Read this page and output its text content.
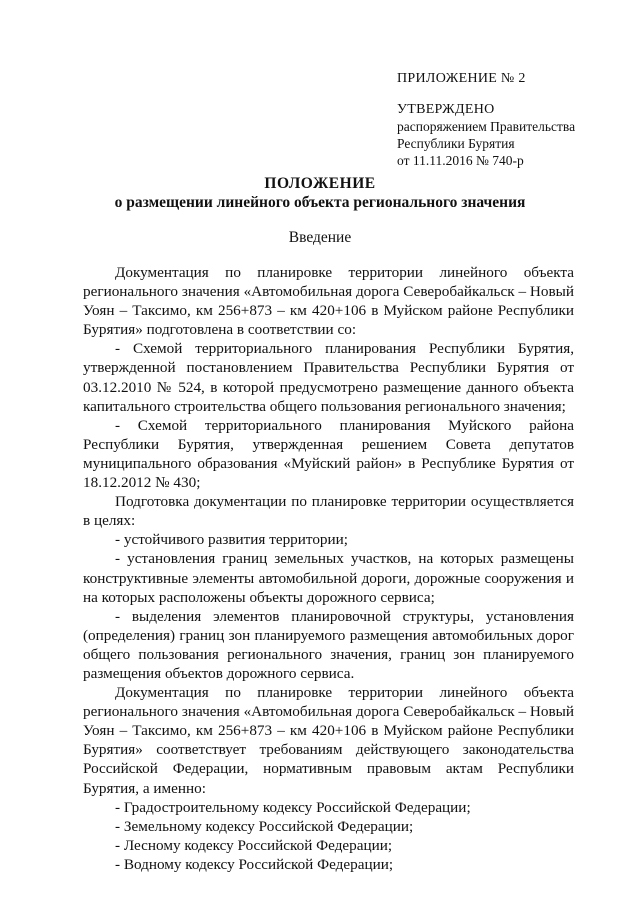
ПРИЛОЖЕНИЕ № 2
УТВЕРЖДЕНО
распоряжением Правительства
Республики Бурятия
от 11.11.2016 № 740-р
ПОЛОЖЕНИЕ
о размещении линейного объекта регионального значения
Введение

Документация по планировке территории линейного объекта регионального значения «Автомобильная дорога Северобайкальск – Новый Уоян – Таксимо, км 256+873 – км 420+106 в Муйском районе Республики Бурятия» подготовлена в соответствии со:

- Схемой территориального планирования Республики Бурятия, утвержденной постановлением Правительства Республики Бурятия от 03.12.2010 № 524, в которой предусмотрено размещение данного объекта капитального строительства общего пользования регионального значения;

- Схемой территориального планирования Муйского района Республики Бурятия, утвержденная решением Совета депутатов муниципального образования «Муйский район» в Республике Бурятия от 18.12.2012 № 430;

Подготовка документации по планировке территории осуществляется в целях:

- устойчивого развития территории;

- установления границ земельных участков, на которых размещены конструктивные элементы автомобильной дороги, дорожные сооружения и на которых расположены объекты дорожного сервиса;

- выделения элементов планировочной структуры, установления (определения) границ зон планируемого размещения автомобильных дорог общего пользования регионального значения, границ зон планируемого размещения объектов дорожного сервиса.

Документация по планировке территории линейного объекта регионального значения «Автомобильная дорога Северобайкальск – Новый Уоян – Таксимо, км 256+873 – км 420+106 в Муйском районе Республики Бурятия» соответствует требованиям действующего законодательства Российской Федерации, нормативным правовым актам Республики Бурятия, а именно:

- Градостроительному кодексу Российской Федерации;

- Земельному кодексу Российской Федерации;

- Лесному кодексу Российской Федерации;

- Водному кодексу Российской Федерации;
